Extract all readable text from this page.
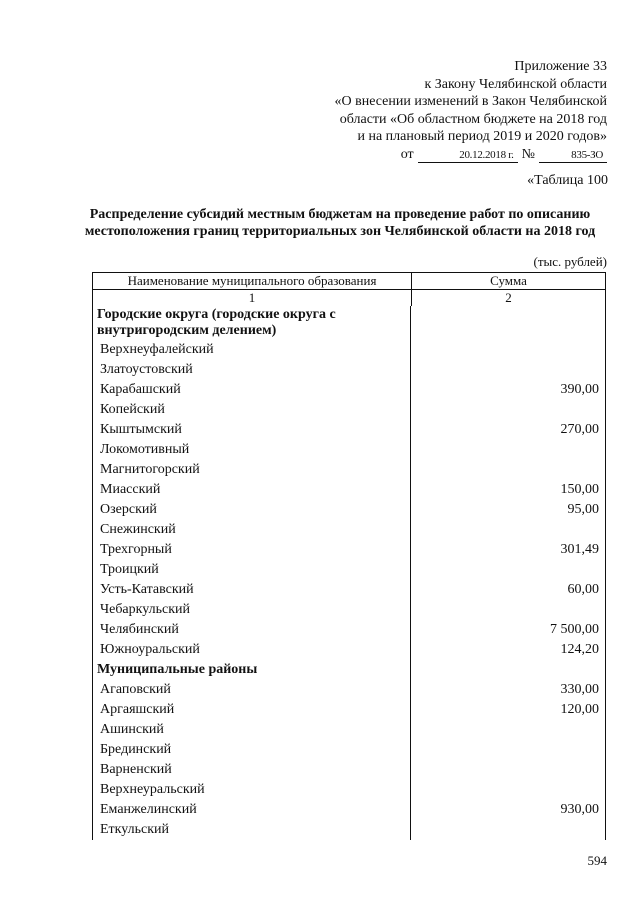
Приложение 33
к Закону Челябинской области
«О внесении изменений в Закон Челябинской
области «Об областном бюджете на 2018 год
и на плановый период 2019 и 2020 годов»
от	20.12.2018 г. №	835-ЗО
«Таблица 100
Распределение субсидий местным бюджетам на проведение работ по описанию местоположения границ территориальных зон Челябинской области на 2018 год
(тыс. рублей)
Наименование муниципального образования	Сумма
1	2
Городские округа (городские округа с внутригородским делением)
Верхнеуфалейский
Златоустовский
Карабашский	390,00
Копейский
Кыштымский	270,00
Локомотивный
Магнитогорский
Миасский	150,00
Озерский	95,00
Снежинский
Трехгорный	301,49
Троицкий
Усть-Катавский	60,00
Чебаркульский
Челябинский	7 500,00
Южноуральский	124,20
Муниципальные районы
Агаповский	330,00
Аргаяшский	120,00
Ашинский
Брединский
Варненский
Верхнеуральский
Еманжелинский	930,00
Еткульский
594
